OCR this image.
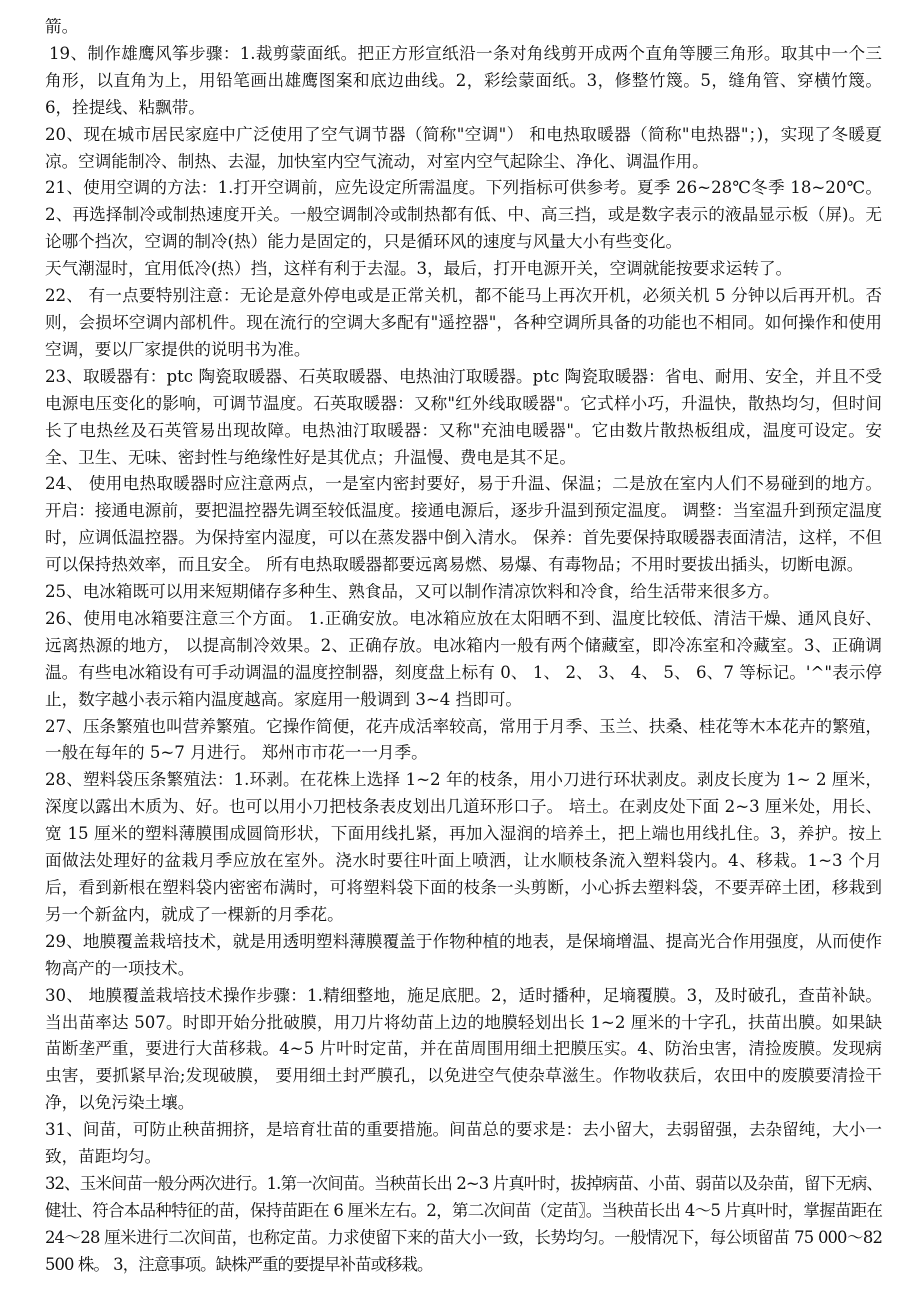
箭。

19、制作雄鹰风筝步骤：1.裁剪蒙面纸。把正方形宣纸沿一条对角线剪开成两个直角等腰三角形。取其中一个三角形，以直角为上，用铅笔画出雄鹰图案和底边曲线。2，彩绘蒙面纸。3，修整竹篾。5，缝角管、穿横竹篾。6，拴提线、粘飘带。

20、现在城市居民家庭中广泛使用了空气调节器（简称"空调"） 和电热取暖器（简称"电热器"；)，实现了冬暖夏凉。空调能制冷、制热、去湿，加快室内空气流动，对室内空气起除尘、净化、调温作用。

21、使用空调的方法：1.打开空调前，应先设定所需温度。下列指标可供参考。夏季 26~28℃冬季 18~20℃。2、再选择制冷或制热速度开关。一般空调制冷或制热都有低、中、高三挡，或是数字表示的液晶显示板（屏)。无论哪个挡次，空调的制冷(热）能力是固定的，只是循环风的速度与风量大小有些变化。

天气潮湿时，宜用低冷(热）挡，这样有利于去湿。3，最后，打开电源开关，空调就能按要求运转了。

22、 有一点要特别注意：无论是意外停电或是正常关机，都不能马上再次开机，必须关机 5 分钟以后再开机。否则，会损坏空调内部机件。现在流行的空调大多配有"遥控器"，各种空调所具备的功能也不相同。如何操作和使用空调，要以厂家提供的说明书为准。

23、取暖器有：ptc 陶瓷取暖器、石英取暖器、电热油汀取暖器。ptc 陶瓷取暖器：省电、耐用、安全，并且不受电源电压变化的影响，可调节温度。石英取暖器：又称"红外线取暖器"。它式样小巧，升温快，散热均匀，但时间长了电热丝及石英管易出现故障。电热油汀取暖器：又称"充油电暖器"。它由数片散热板组成，温度可设定。安全、卫生、无味、密封性与绝缘性好是其优点；升温慢、费电是其不足。

24、 使用电热取暖器时应注意两点，一是室内密封要好，易于升温、保温；二是放在室内人们不易碰到的地方。 开启：接通电源前，要把温控器先调至较低温度。接通电源后，逐步升温到预定温度。 调整：当室温升到预定温度时，应调低温控器。为保持室内湿度，可以在蒸发器中倒入清水。 保养：首先要保持取暖器表面清洁，这样，不但可以保持热效率，而且安全。 所有电热取暖器都要远离易燃、易爆、有毒物品；不用时要拔出插头，切断电源。

25、电冰箱既可以用来短期储存多种生、熟食品，又可以制作清凉饮料和冷食，给生活带来很多方。

26、使用电冰箱要注意三个方面。 1.正确安放。电冰箱应放在太阳晒不到、温度比较低、清洁干燥、通风良好、远离热源的地方， 以提高制冷效果。2、正确存放。电冰箱内一般有两个储藏室，即冷冻室和冷藏室。3、正确调温。有些电冰箱设有可手动调温的温度控制器，刻度盘上标有 0、 1、 2、 3、 4、 5、 6、7 等标记。'^"表示停止，数字越小表示箱内温度越高。家庭用一般调到 3~4 挡即可。

27、压条繁殖也叫营养繁殖。它操作简便，花卉成活率较高，常用于月季、玉兰、扶桑、桂花等木本花卉的繁殖，一般在每年的 5~7 月进行。 郑州市市花一一月季。

28、塑料袋压条繁殖法：1.环剥。在花株上选择 1~2 年的枝条，用小刀进行环状剥皮。剥皮长度为 1~ 2 厘米，深度以露出木质为、好。也可以用小刀把枝条表皮划出几道环形口子。 培土。在剥皮处下面 2~3 厘米处，用长、宽 15 厘米的塑料薄膜围成圆筒形状，下面用线扎紧，再加入湿润的培养土，把上端也用线扎住。3，养护。按上面做法处理好的盆栽月季应放在室外。浇水时要往叶面上喷洒，让水顺枝条流入塑料袋内。4、移栽。1~3 个月后，看到新根在塑料袋内密密布满时，可将塑料袋下面的枝条一头剪断，小心拆去塑料袋，不要弄碎土团，移栽到另一个新盆内，就成了一棵新的月季花。

29、地膜覆盖栽培技术，就是用透明塑料薄膜覆盖于作物种植的地表，是保墒增温、提高光合作用强度，从而使作物高产的一项技术。

30、 地膜覆盖栽培技术操作步骤：1.精细整地，施足底肥。2，适时播种，足墒覆膜。3，及时破孔，查苗补缺。当出苗率达 507。时即开始分批破膜，用刀片将幼苗上边的地膜轻划出长 1~2 厘米的十字孔，扶苗出膜。如果缺苗断垄严重，要进行大苗移栽。4~5 片叶时定苗，并在苗周围用细土把膜压实。4、防治虫害，清捡废膜。发现病虫害，要抓紧早治;发现破膜， 要用细土封严膜孔，以免进空气使杂草滋生。作物收获后，农田中的废膜要清捡干净，以免污染土壤。

31、间苗，可防止秧苗拥挤，是培育壮苗的重要措施。间苗总的要求是：去小留大，去弱留强，去杂留纯，大小一致，苗距均匀。

32、玉米间苗一般分两次进行。1.第一次间苗。当秧苗长出 2~3 片真叶时，拔掉病苗、小苗、弱苗以及杂苗，留下无病、健壮、符合本品种特征的苗，保持苗距在 6 厘米左右。2，第二次间苗（定苗〗。当秧苗长出 4～5 片真叶时，掌握苗距在 24～28 厘米进行二次间苗，也称定苗。力求使留下来的苗大小一致，长势均匀。一般情况下，每公顷留苗 75 000～82 500 株。 3，注意事项。缺株严重的要提早补苗或移栽。
